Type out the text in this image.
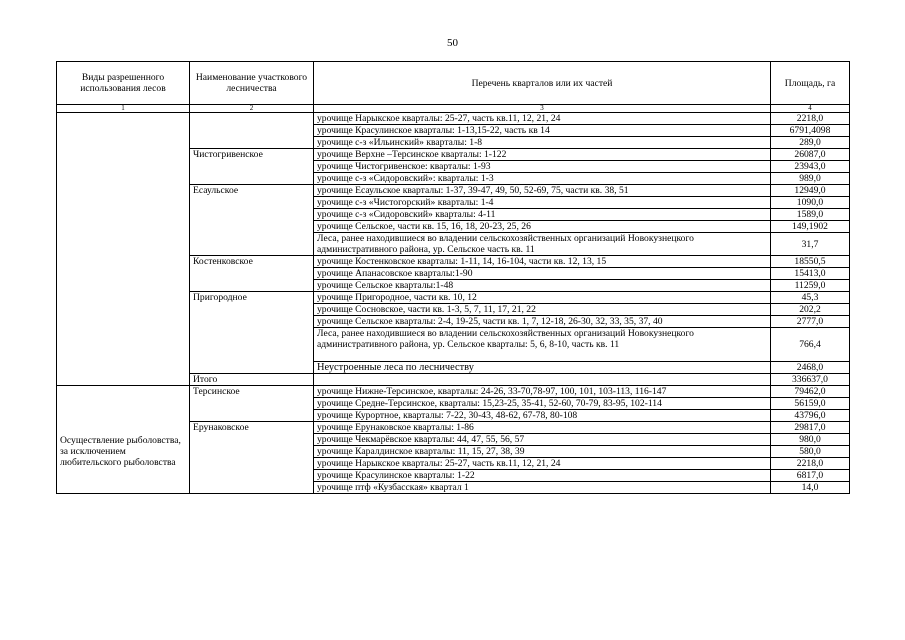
50
Виды разрешенного использования лесов	Наименование участкового лесничества	Перечень кварталов или их частей	Площадь, га
1	2	3	4
		урочище Нарыкское кварталы: 25-27, часть кв.11, 12, 21, 24	2218,0
		урочище Красулинское кварталы: 1-13,15-22, часть кв 14	6791,4098
		урочище с-з «Ильинский» кварталы: 1-8	289,0
	Чистогривенское	урочище Верхне –Терсинское кварталы: 1-122	26087,0
		урочище Чистогривенское: кварталы: 1-93	23943,0
		урочище с-з «Сидоровский»: кварталы: 1-3	989,0
	Есаульское	урочище Есаульское кварталы: 1-37, 39-47, 49, 50, 52-69, 75, части кв. 38, 51	12949,0
		урочище с-з «Чистогорский» кварталы: 1-4	1090,0
		урочище с-з «Сидоровский» кварталы: 4-11	1589,0
		урочище Сельское, части кв. 15, 16, 18, 20-23, 25, 26	149,1902
		Леса, ранее находившиеся во владении сельскохозяйственных организаций Новокузнецкого административного района, ур. Сельское часть кв. 11	31,7
	Костенковское	урочище Костенковское кварталы: 1-11, 14, 16-104, части кв. 12, 13, 15	18550,5
		урочище Апанасовское кварталы:1-90	15413,0
		урочище Сельское кварталы:1-48	11259,0
	Пригородное	урочище Пригородное, части кв. 10, 12	45,3
		урочище Сосновское, части кв. 1-3, 5, 7, 11, 17, 21, 22	202,2
		урочище Сельское кварталы: 2-4, 19-25, части кв. 1, 7, 12-18, 26-30, 32, 33, 35, 37, 40	2777,0
		Леса, ранее находившиеся во владении сельскохозяйственных организаций Новокузнецкого административного района, ур. Сельское кварталы: 5, 6, 8-10, часть кв. 11	766,4
		Неустроенные леса по лесничеству	2468,0
	Итого		336637,0
Осуществление рыболовства, за исключением любительского рыболовства	Терсинское	урочище Нижне-Терсинское, кварталы: 24-26, 33-70,78-97, 100, 101, 103-113, 116-147	79462,0
		урочище Средне-Терсинское, кварталы: 15,23-25, 35-41, 52-60, 70-79, 83-95, 102-114	56159,0
		урочище Курортное, кварталы: 7-22, 30-43, 48-62, 67-78, 80-108	43796,0
	Ерунаковское	урочище Ерунаковское кварталы: 1-86	29817,0
		урочище Чекмарёвское кварталы: 44, 47, 55, 56, 57	980,0
		урочище Каралдинское кварталы: 11, 15, 27, 38, 39	580,0
		урочище Нарыкское кварталы: 25-27, часть кв.11, 12, 21, 24	2218,0
		урочище Красулинское кварталы: 1-22	6817,0
		урочище птф «Кузбасская» квартал 1	14,0
